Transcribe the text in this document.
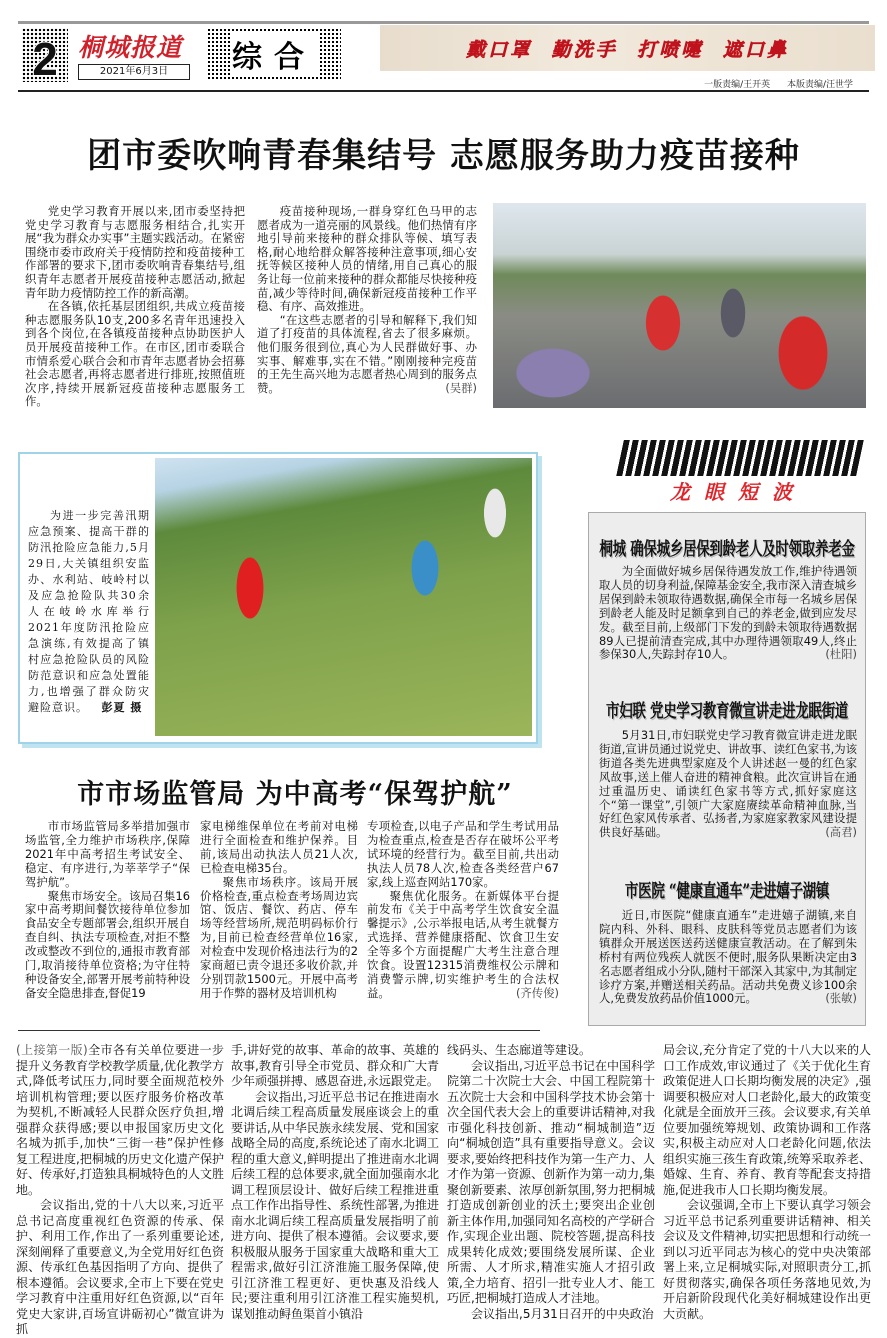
2 桐城报道
2021年6月3日	综合	戴口罩 勤洗手 打喷嚏 遮口鼻
一版责编/王开英 本版责编/汪世学
团市委吹响青春集结号 志愿服务助力疫苗接种

党史学习教育开展以来,团市委坚持把党史学习教育与志愿服务相结合,扎实开展“我为群众办实事”主题实践活动。在紧密围绕市委市政府关于疫情防控和疫苗接种工作部署的要求下,团市委吹响青春集结号,组织青年志愿者开展疫苗接种志愿活动,掀起青年助力疫情防控工作的新高潮。

在各镇,依托基层团组织,共成立疫苗接种志愿服务队10支,200多名青年迅速投入到各个岗位,在各镇疫苗接种点协助医护人员开展疫苗接种工作。在市区,团市委联合市情系爱心联合会和市青年志愿者协会招募社会志愿者,再将志愿者进行排班,按照值班次序,持续开展新冠疫苗接种志愿服务工作。

疫苗接种现场,一群身穿红色马甲的志愿者成为一道亮丽的风景线。他们热情有序地引导前来接种的群众排队等候、填写表格,耐心地给群众解答接种注意事项,细心安抚等候区接种人员的情绪,用自己真心的服务让每一位前来接种的群众都能尽快接种疫苗,减少等待时间,确保新冠疫苗接种工作平稳、有序、高效推进。

“在这些志愿者的引导和解释下,我们知道了打疫苗的具体流程,省去了很多麻烦。他们服务很到位,真心为人民群做好事、办实事、解难事,实在不错。”刚刚接种完疫苗的王先生高兴地为志愿者热心周到的服务点赞。	(吴群)

为进一步完善汛期应急预案、提高干群的防汛抢险应急能力,5月29日,大关镇组织安监办、水利站、岐岭村以及应急抢险队共30余人在岐岭水库举行2021年度防汛抢险应急演练,有效提高了镇村应急抢险队员的风险防范意识和应急处置能力,也增强了群众防灾避险意识。 彭夏 摄

龙眼短波
桐城 确保城乡居保到龄老人及时领取养老金

为全面做好城乡居保待遇发放工作,维护待遇领取人员的切身利益,保障基金安全,我市深入清查城乡居保到龄未领取待遇数据,确保全市每一名城乡居保到龄老人能及时足额拿到自己的养老金,做到应发尽发。截至目前,上级部门下发的到龄未领取待遇数据89人已提前清查完成,其中办理待遇领取49人,终止参保30人,失踪封存10人。	(杜阳)

市妇联 党史学习教育微宣讲走进龙眠街道

5月31日,市妇联党史学习教育微宣讲走进龙眠街道,宣讲员通过说党史、讲故事、读红色家书,为该街道各类先进典型家庭及个人讲述赵一曼的红色家风故事,送上催人奋进的精神食粮。此次宣讲旨在通过重温历史、诵读红色家书等方式,抓好家庭这个“第一课堂”,引领广大家庭赓续革命精神血脉,当好红色家风传承者、弘扬者,为家庭家教家风建设提供良好基础。	(高君)

市医院 “健康直通车”走进嬉子湖镇

近日,市医院“健康直通车”走进嬉子湖镇,来自院内科、外科、眼科、皮肤科等党员志愿者们为该镇群众开展送医送药送健康宣教活动。在了解到朱桥村有两位残疾人就医不便时,服务队果断决定由3名志愿者组成小分队,随村干部深入其家中,为其制定诊疗方案,并赠送相关药品。活动共免费义诊100余人,免费发放药品价值1000元。	(张敏)

市市场监管局 为中高考“保驾护航”

市市场监管局多举措加强市场监管,全力维护市场秩序,保障2021年中高考招生考试安全、稳定、有序进行,为莘莘学子“保驾护航”。

聚焦市场安全。该局召集16家中高考期间餐饮接待单位参加食品安全专题部署会,组织开展自查自纠、执法专项检查,对拒不整改或整改不到位的,通报市教育部门,取消接待单位资格;为守住特种设备安全,部署开展考前特种设备安全隐患排查,督促19

家电梯维保单位在考前对电梯进行全面检查和维护保养。目前,该局出动执法人员21人次,已检查电梯35台。

聚焦市场秩序。该局开展价格检查,重点检查考场周边宾馆、饭店、餐饮、药店、停车场等经营场所,规范明码标价行为,目前已检查经营单位16家,对检查中发现价格违法行为的2家商超已责令退还多收价款,并分别罚款1500元。开展中高考用于作弊的器材及培训机构

专项检查,以电子产品和学生考试用品为检查重点,检查是否存在破坏公平考试环境的经营行为。截至目前,共出动执法人员78人次,检查各类经营户67家,线上巡查网站170家。

聚焦优化服务。在新媒体平台提前发布《关于中高考学生饮食安全温馨提示》,公示举报电话,从考生就餐方式选择、营养健康搭配、饮食卫生安全等多个方面提醒广大考生注意合理饮食。设置12315消费维权公示牌和消费警示牌,切实维护考生的合法权益。	(齐传俊)

(上接第一版)全市各有关单位要进一步提升义务教育学校教学质量,优化教学方式,降低考试压力,同时要全面规范校外培训机构管理;要以医疗服务价格改革为契机,不断减轻人民群众医疗负担,增强群众获得感;要以申报国家历史文化名城为抓手,加快“三街一巷”保护性修复工程进度,把桐城的历史文化遗产保护好、传承好,打造独具桐城特色的人文胜地。

会议指出,党的十八大以来,习近平总书记高度重视红色资源的传承、保护、利用工作,作出了一系列重要论述,深刻阐释了重要意义,为全党用好红色资源、传承红色基因指明了方向、提供了根本遵循。会议要求,全市上下要在党史学习教育中注重用好红色资源,以“百年党史大家讲,百场宣讲砺初心”微宣讲为抓

手,讲好党的故事、革命的故事、英雄的故事,教育引导全市党员、群众和广大青少年顽强拼搏、感恩奋进,永远跟党走。

会议指出,习近平总书记在推进南水北调后续工程高质量发展座谈会上的重要讲话,从中华民族永续发展、党和国家战略全局的高度,系统论述了南水北调工程的重大意义,鲜明提出了推进南水北调后续工程的总体要求,就全面加强南水北调工程顶层设计、做好后续工程推进重点工作作出指导性、系统性部署,为推进南水北调后续工程高质量发展指明了前进方向、提供了根本遵循。会议要求,要积极服从服务于国家重大战略和重大工程需求,做好引江济淮施工服务保障,使引江济淮工程更好、更快惠及沿线人民;要注重利用引江济淮工程实施契机,谋划推动鲟鱼渠首小镇沿

线码头、生态廊道等建设。

会议指出,习近平总书记在中国科学院第二十次院士大会、中国工程院第十五次院士大会和中国科学技术协会第十次全国代表大会上的重要讲话精神,对我市强化科技创新、推动“桐城制造”迈向“桐城创造”具有重要指导意义。会议要求,要始终把科技作为第一生产力、人才作为第一资源、创新作为第一动力,集聚创新要素、浓厚创新氛围,努力把桐城打造成创新创业的沃土;要突出企业创新主体作用,加强同知名高校的产学研合作,实现企业出题、院校答题,提高科技成果转化成效;要围绕发展所谋、企业所需、人才所求,精准实施人才招引政策,全力培育、招引一批专业人才、能工巧匠,把桐城打造成人才洼地。

会议指出,5月31日召开的中央政治

局会议,充分肯定了党的十八大以来的人口工作成效,审议通过了《关于优化生育政策促进人口长期均衡发展的决定》,强调要积极应对人口老龄化,最大的政策变化就是全面放开三孩。会议要求,有关单位要加强统筹规划、政策协调和工作落实,积极主动应对人口老龄化问题,依法组织实施三孩生育政策,统筹采取养老、婚嫁、生育、养育、教育等配套支持措施,促进我市人口长期均衡发展。

会议强调,全市上下要认真学习领会习近平总书记系列重要讲话精神、相关会议及文件精神,切实把思想和行动统一到以习近平同志为核心的党中央决策部署上来,立足桐城实际,对照职责分工,抓好贯彻落实,确保各项任务落地见效,为开启新阶段现代化美好桐城建设作出更大贡献。
